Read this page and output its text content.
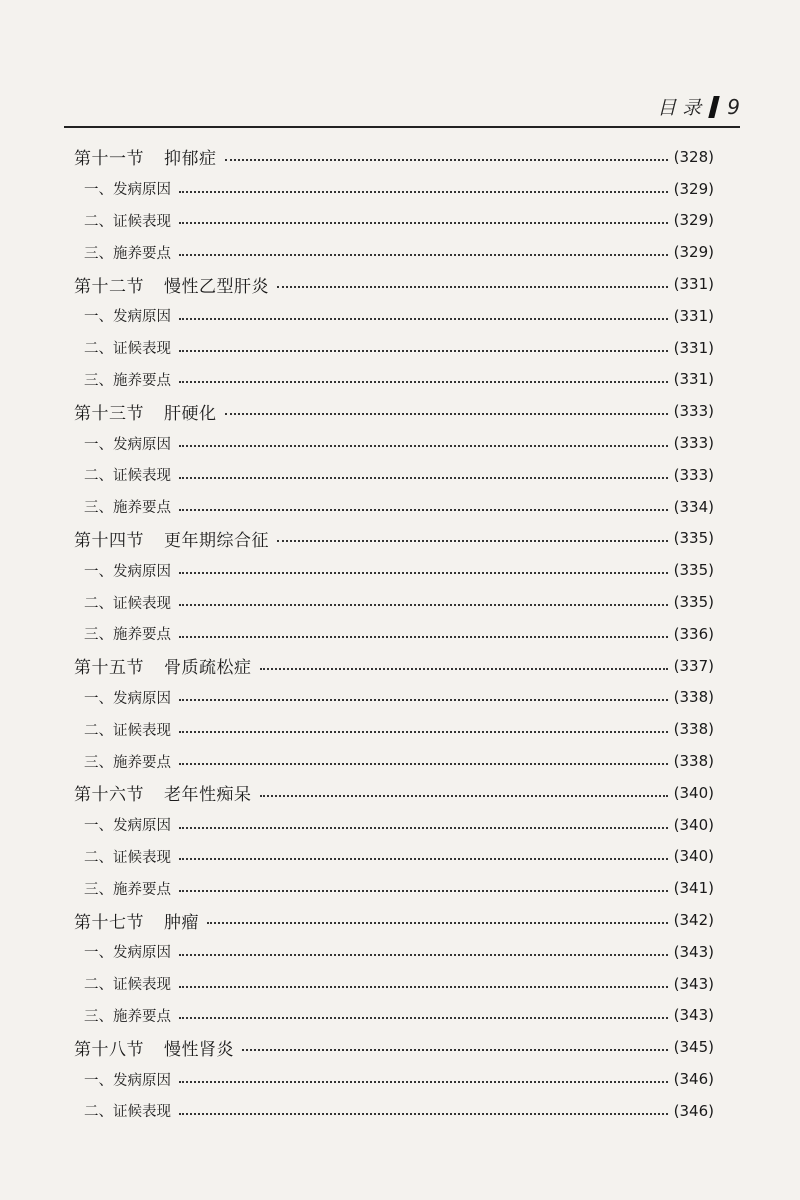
目 录 9
第十一节 抑郁症	(328)
一、发病原因	(329)
二、证候表现	(329)
三、施养要点	(329)
第十二节 慢性乙型肝炎	(331)
一、发病原因	(331)
二、证候表现	(331)
三、施养要点	(331)
第十三节 肝硬化	(333)
一、发病原因	(333)
二、证候表现	(333)
三、施养要点	(334)
第十四节 更年期综合征	(335)
一、发病原因	(335)
二、证候表现	(335)
三、施养要点	(336)
第十五节 骨质疏松症	(337)
一、发病原因	(338)
二、证候表现	(338)
三、施养要点	(338)
第十六节 老年性痴呆	(340)
一、发病原因	(340)
二、证候表现	(340)
三、施养要点	(341)
第十七节 肿瘤	(342)
一、发病原因	(343)
二、证候表现	(343)
三、施养要点	(343)
第十八节 慢性肾炎	(345)
一、发病原因	(346)
二、证候表现	(346)
